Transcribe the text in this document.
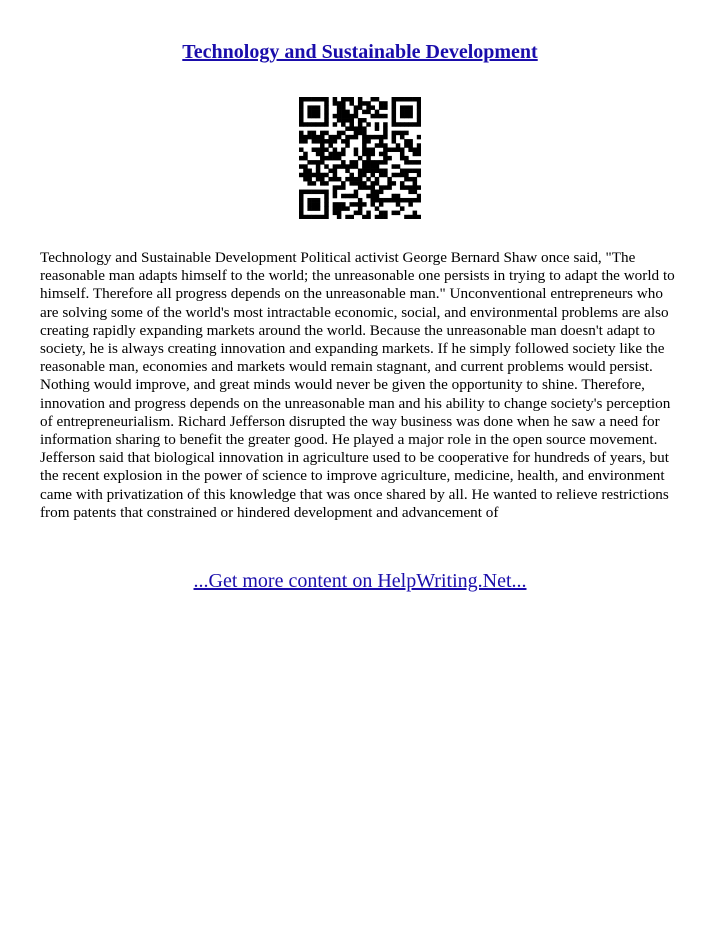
Technology and Sustainable Development

Technology and Sustainable Development Political activist George Bernard Shaw once said, "The reasonable man adapts himself to the world; the unreasonable one persists in trying to adapt the world to himself. Therefore all progress depends on the unreasonable man." Unconventional entrepreneurs who are solving some of the world's most intractable economic, social, and environmental problems are also creating rapidly expanding markets around the world. Because the unreasonable man doesn't adapt to society, he is always creating innovation and expanding markets. If he simply followed society like the reasonable man, economies and markets would remain stagnant, and current problems would persist. Nothing would improve, and great minds would never be given the opportunity to shine. Therefore, innovation and progress depends on the unreasonable man and his ability to change society's perception of entrepreneurialism. Richard Jefferson disrupted the way business was done when he saw a need for information sharing to benefit the greater good. He played a major role in the open source movement. Jefferson said that biological innovation in agriculture used to be cooperative for hundreds of years, but the recent explosion in the power of science to improve agriculture, medicine, health, and environment came with privatization of this knowledge that was once shared by all. He wanted to relieve restrictions from patents that constrained or hindered development and advancement of

...Get more content on HelpWriting.Net...
